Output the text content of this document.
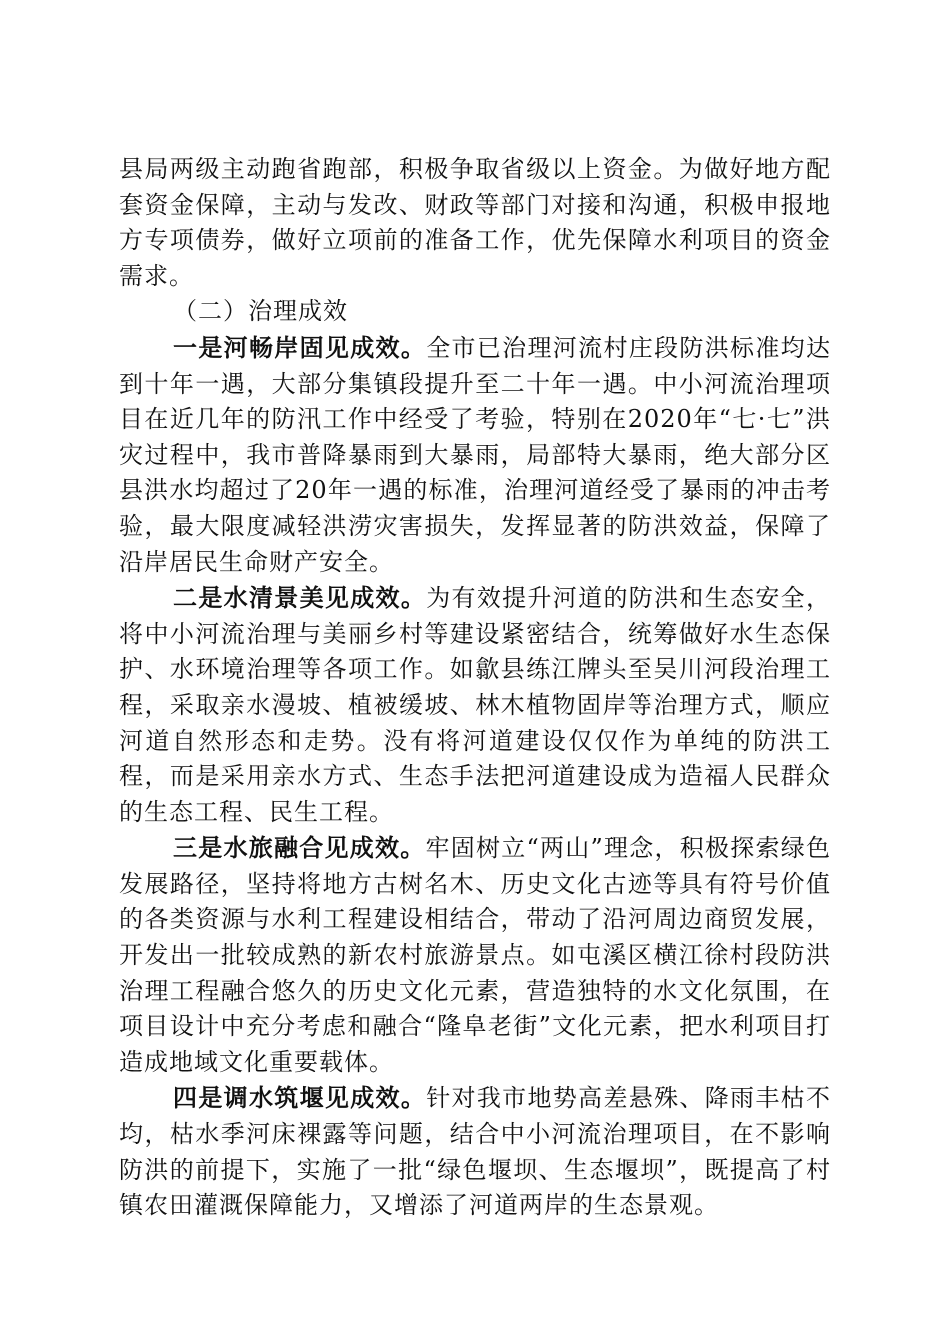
县局两级主动跑省跑部，积极争取省级以上资金。为做好地方配套资金保障，主动与发改、财政等部门对接和沟通，积极申报地方专项债券，做好立项前的准备工作，优先保障水利项目的资金需求。

（二）治理成效

一是河畅岸固见成效。全市已治理河流村庄段防洪标准均达到十年一遇，大部分集镇段提升至二十年一遇。中小河流治理项目在近几年的防汛工作中经受了考验，特别在2020年“七·七”洪灾过程中，我市普降暴雨到大暴雨，局部特大暴雨，绝大部分区县洪水均超过了20年一遇的标准，治理河道经受了暴雨的冲击考验，最大限度减轻洪涝灾害损失，发挥显著的防洪效益，保障了沿岸居民生命财产安全。

二是水清景美见成效。为有效提升河道的防洪和生态安全，将中小河流治理与美丽乡村等建设紧密结合，统筹做好水生态保护、水环境治理等各项工作。如歙县练江牌头至吴川河段治理工程，采取亲水漫坡、植被缓坡、林木植物固岸等治理方式，顺应河道自然形态和走势。没有将河道建设仅仅作为单纯的防洪工程，而是采用亲水方式、生态手法把河道建设成为造福人民群众的生态工程、民生工程。

三是水旅融合见成效。牢固树立“两山”理念，积极探索绿色发展路径，坚持将地方古树名木、历史文化古迹等具有符号价值的各类资源与水利工程建设相结合，带动了沿河周边商贸发展，开发出一批较成熟的新农村旅游景点。如屯溪区横江徐村段防洪治理工程融合悠久的历史文化元素，营造独特的水文化氛围，在项目设计中充分考虑和融合“隆阜老街”文化元素，把水利项目打造成地域文化重要载体。

四是调水筑堰见成效。针对我市地势高差悬殊、降雨丰枯不均，枯水季河床裸露等问题，结合中小河流治理项目，在不影响防洪的前提下，实施了一批“绿色堰坝、生态堰坝”，既提高了村镇农田灌溉保障能力，又增添了河道两岸的生态景观。
